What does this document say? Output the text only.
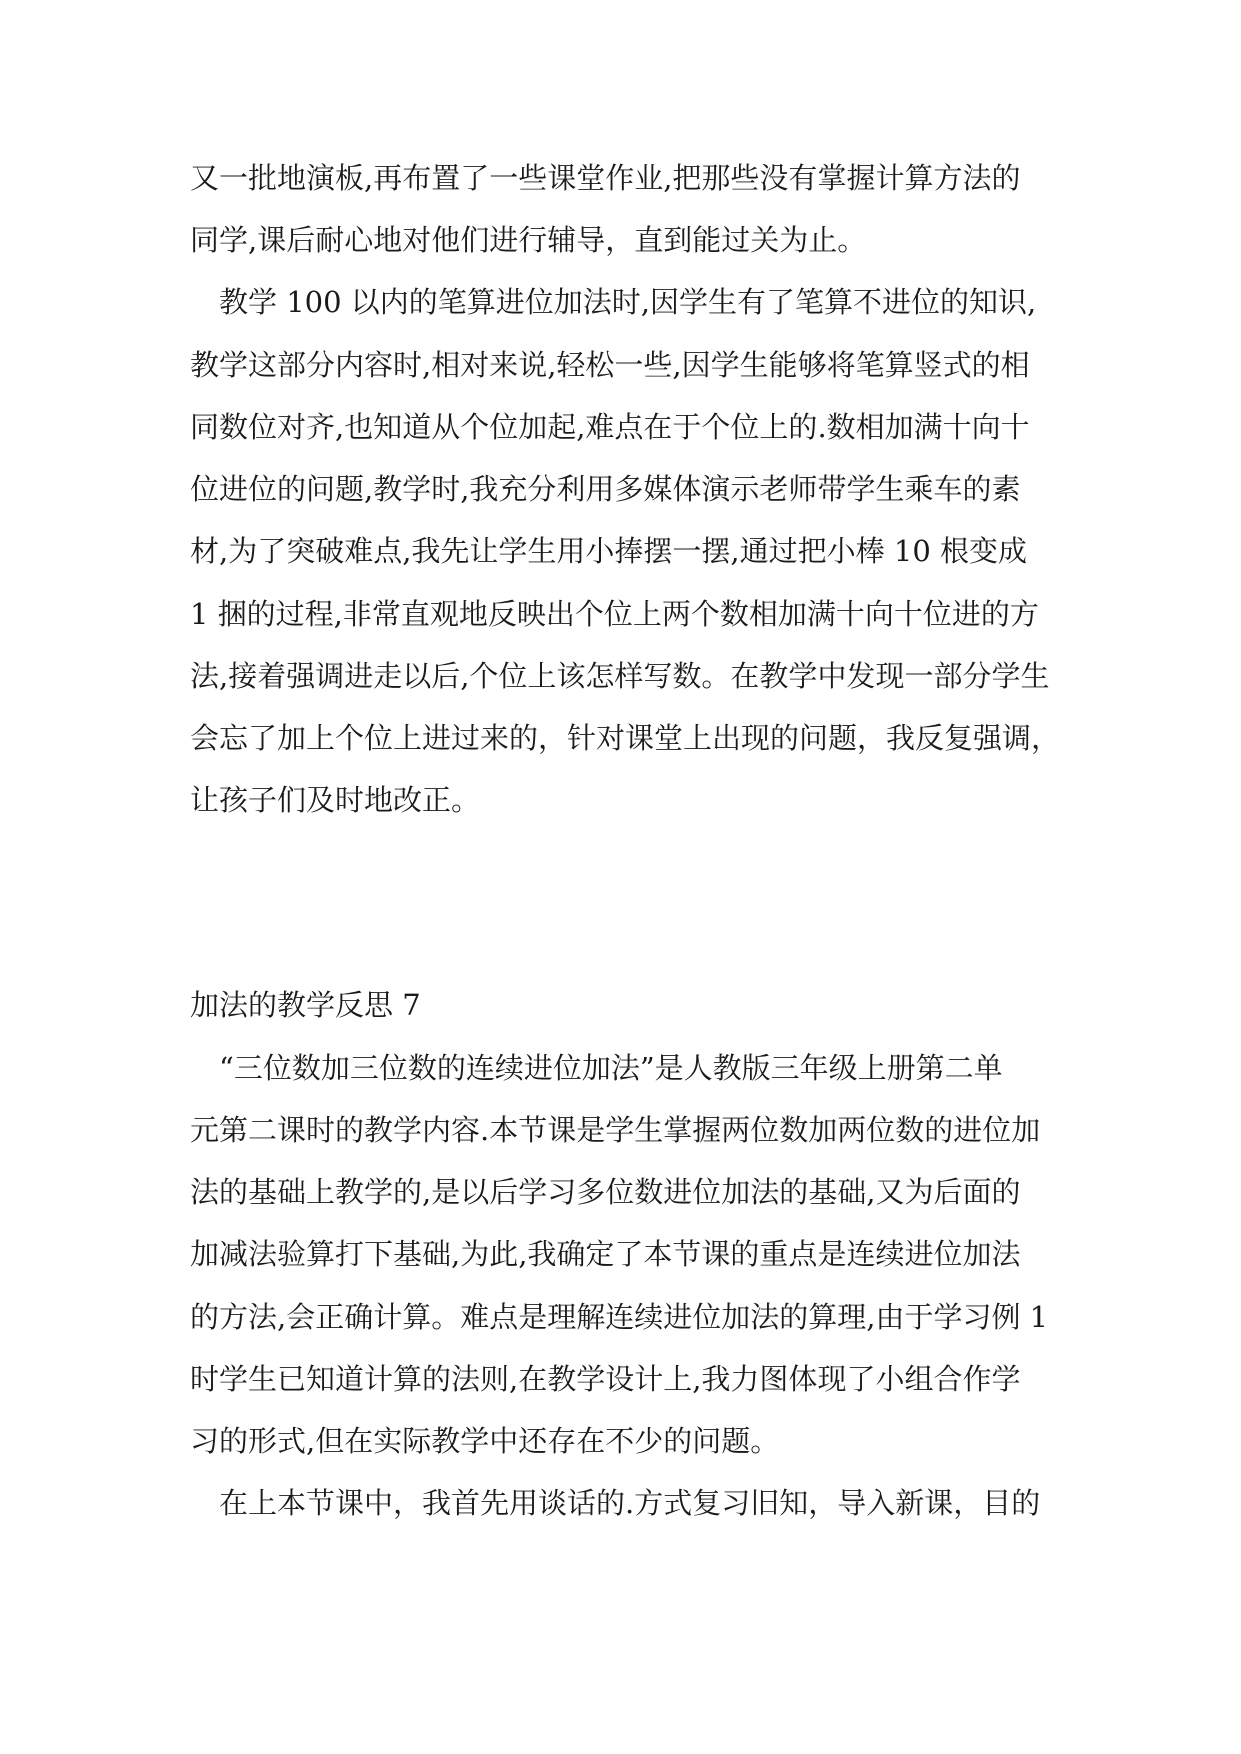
又一批地演板,再布置了一些课堂作业,把那些没有掌握计算方法的
同学,课后耐心地对他们进行辅导，直到能过关为止。
　教学 100 以内的笔算进位加法时,因学生有了笔算不进位的知识,
教学这部分内容时,相对来说,轻松一些,因学生能够将笔算竖式的相
同数位对齐,也知道从个位加起,难点在于个位上的.数相加满十向十
位进位的问题,教学时,我充分利用多媒体演示老师带学生乘车的素
材,为了突破难点,我先让学生用小捧摆一摆,通过把小棒 10 根变成
1 捆的过程,非常直观地反映出个位上两个数相加满十向十位进的方
法,接着强调进走以后,个位上该怎样写数。在教学中发现一部分学生
会忘了加上个位上进过来的，针对课堂上出现的问题，我反复强调，
让孩子们及时地改正。
加法的教学反思 7
　“三位数加三位数的连续进位加法”是人教版三年级上册第二单
元第二课时的教学内容.本节课是学生掌握两位数加两位数的进位加
法的基础上教学的,是以后学习多位数进位加法的基础,又为后面的
加减法验算打下基础,为此,我确定了本节课的重点是连续进位加法
的方法,会正确计算。难点是理解连续进位加法的算理,由于学习例 1
时学生已知道计算的法则,在教学设计上,我力图体现了小组合作学
习的形式,但在实际教学中还存在不少的问题。
　在上本节课中，我首先用谈话的.方式复习旧知，导入新课，目的
